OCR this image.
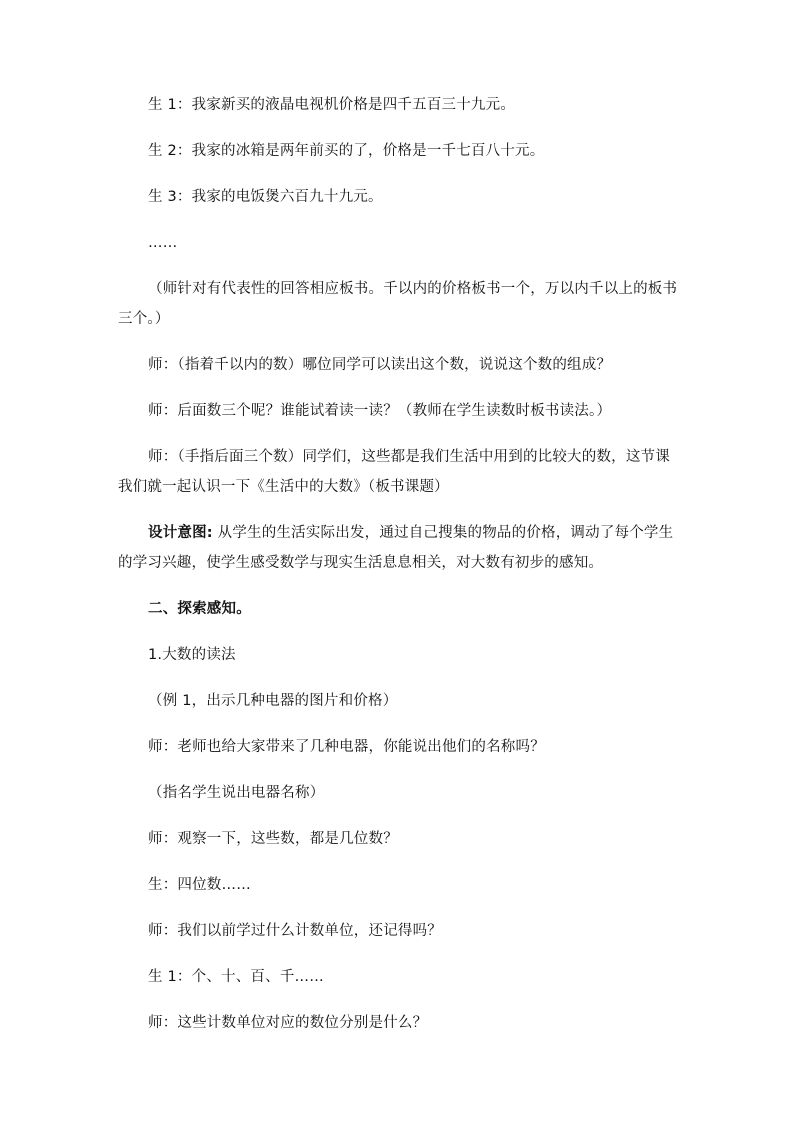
生 1：我家新买的液晶电视机价格是四千五百三十九元。

生 2：我家的冰箱是两年前买的了，价格是一千七百八十元。

生 3：我家的电饭煲六百九十九元。

……

（师针对有代表性的回答相应板书。千以内的价格板书一个，万以内千以上的板书三个。）

师：（指着千以内的数）哪位同学可以读出这个数，说说这个数的组成？

师：后面数三个呢？谁能试着读一读？（教师在学生读数时板书读法。）

师：（手指后面三个数）同学们，这些都是我们生活中用到的比较大的数，这节课我们就一起认识一下《生活中的大数》（板书课题）

设计意图: 从学生的生活实际出发，通过自己搜集的物品的价格，调动了每个学生的学习兴趣，使学生感受数学与现实生活息息相关，对大数有初步的感知。

二、探索感知。

1.大数的读法

（例 1，出示几种电器的图片和价格）

师：老师也给大家带来了几种电器，你能说出他们的名称吗？

（指名学生说出电器名称）

师：观察一下，这些数，都是几位数？

生：四位数……

师：我们以前学过什么计数单位，还记得吗？

生 1：个、十、百、千……

师：这些计数单位对应的数位分别是什么？
